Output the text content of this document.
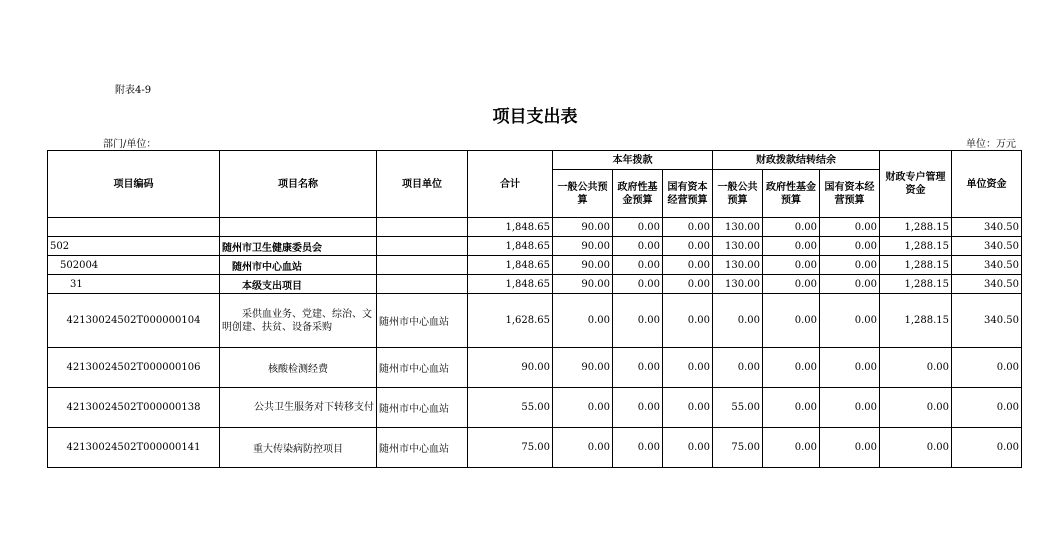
附表4-9
项目支出表
部门/单位：	单位：万元
项目编码	项目名称	项目单位	合计	本年拨款			财政拨款结转结余			财政专户管理资金	单位资金
				一般公共预算	政府性基金预算	国有资本经营预算	一般公共预算	政府性基金预算	国有资本经营预算		
			1,848.65	90.00	0.00	0.00	130.00	0.00	0.00	1,288.15	340.50
502	随州市卫生健康委员会		1,848.65	90.00	0.00	0.00	130.00	0.00	0.00	1,288.15	340.50
502004	随州市中心血站		1,848.65	90.00	0.00	0.00	130.00	0.00	0.00	1,288.15	340.50
31	本级支出项目		1,848.65	90.00	0.00	0.00	130.00	0.00	0.00	1,288.15	340.50
42130024502T000000104	采供血业务、党建、综治、文明创建、扶贫、设备采购	随州市中心血站	1,628.65	0.00	0.00	0.00	0.00	0.00	0.00	1,288.15	340.50
42130024502T000000106	核酸检测经费	随州市中心血站	90.00	90.00	0.00	0.00	0.00	0.00	0.00	0.00	0.00
42130024502T000000138	公共卫生服务对下转移支付	随州市中心血站	55.00	0.00	0.00	0.00	55.00	0.00	0.00	0.00	0.00
42130024502T000000141	重大传染病防控项目	随州市中心血站	75.00	0.00	0.00	0.00	75.00	0.00	0.00	0.00	0.00
